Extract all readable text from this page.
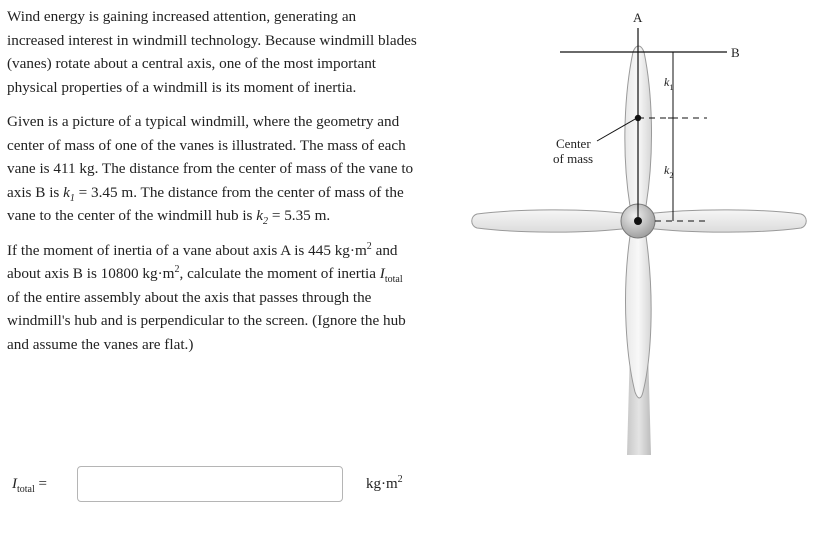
Wind energy is gaining increased attention, generating an increased interest in windmill technology. Because windmill blades (vanes) rotate about a central axis, one of the most important physical properties of a windmill is its moment of inertia.

Given is a picture of a typical windmill, where the geometry and center of mass of one of the vanes is illustrated. The mass of each vane is 411 kg. The distance from the center of mass of the vane to axis B is $k_1 = 3.45$ m. The distance from the center of mass of the vane to the center of the windmill hub is $k_2 = 5.35$ m.

If the moment of inertia of a vane about axis A is 445 $kg\cdot m^2$ and about axis B is 10800 $kg\cdot m^2$, calculate the moment of inertia $I_{total}$ of the entire assembly about the axis that passes through the windmill's hub and is perpendicular to the screen. (Ignore the hub and assume the vanes are flat.)

$I_{total}$ =	$kg\cdot m^2$
A
B
$k_1$
$k_2$
Center
of mass
